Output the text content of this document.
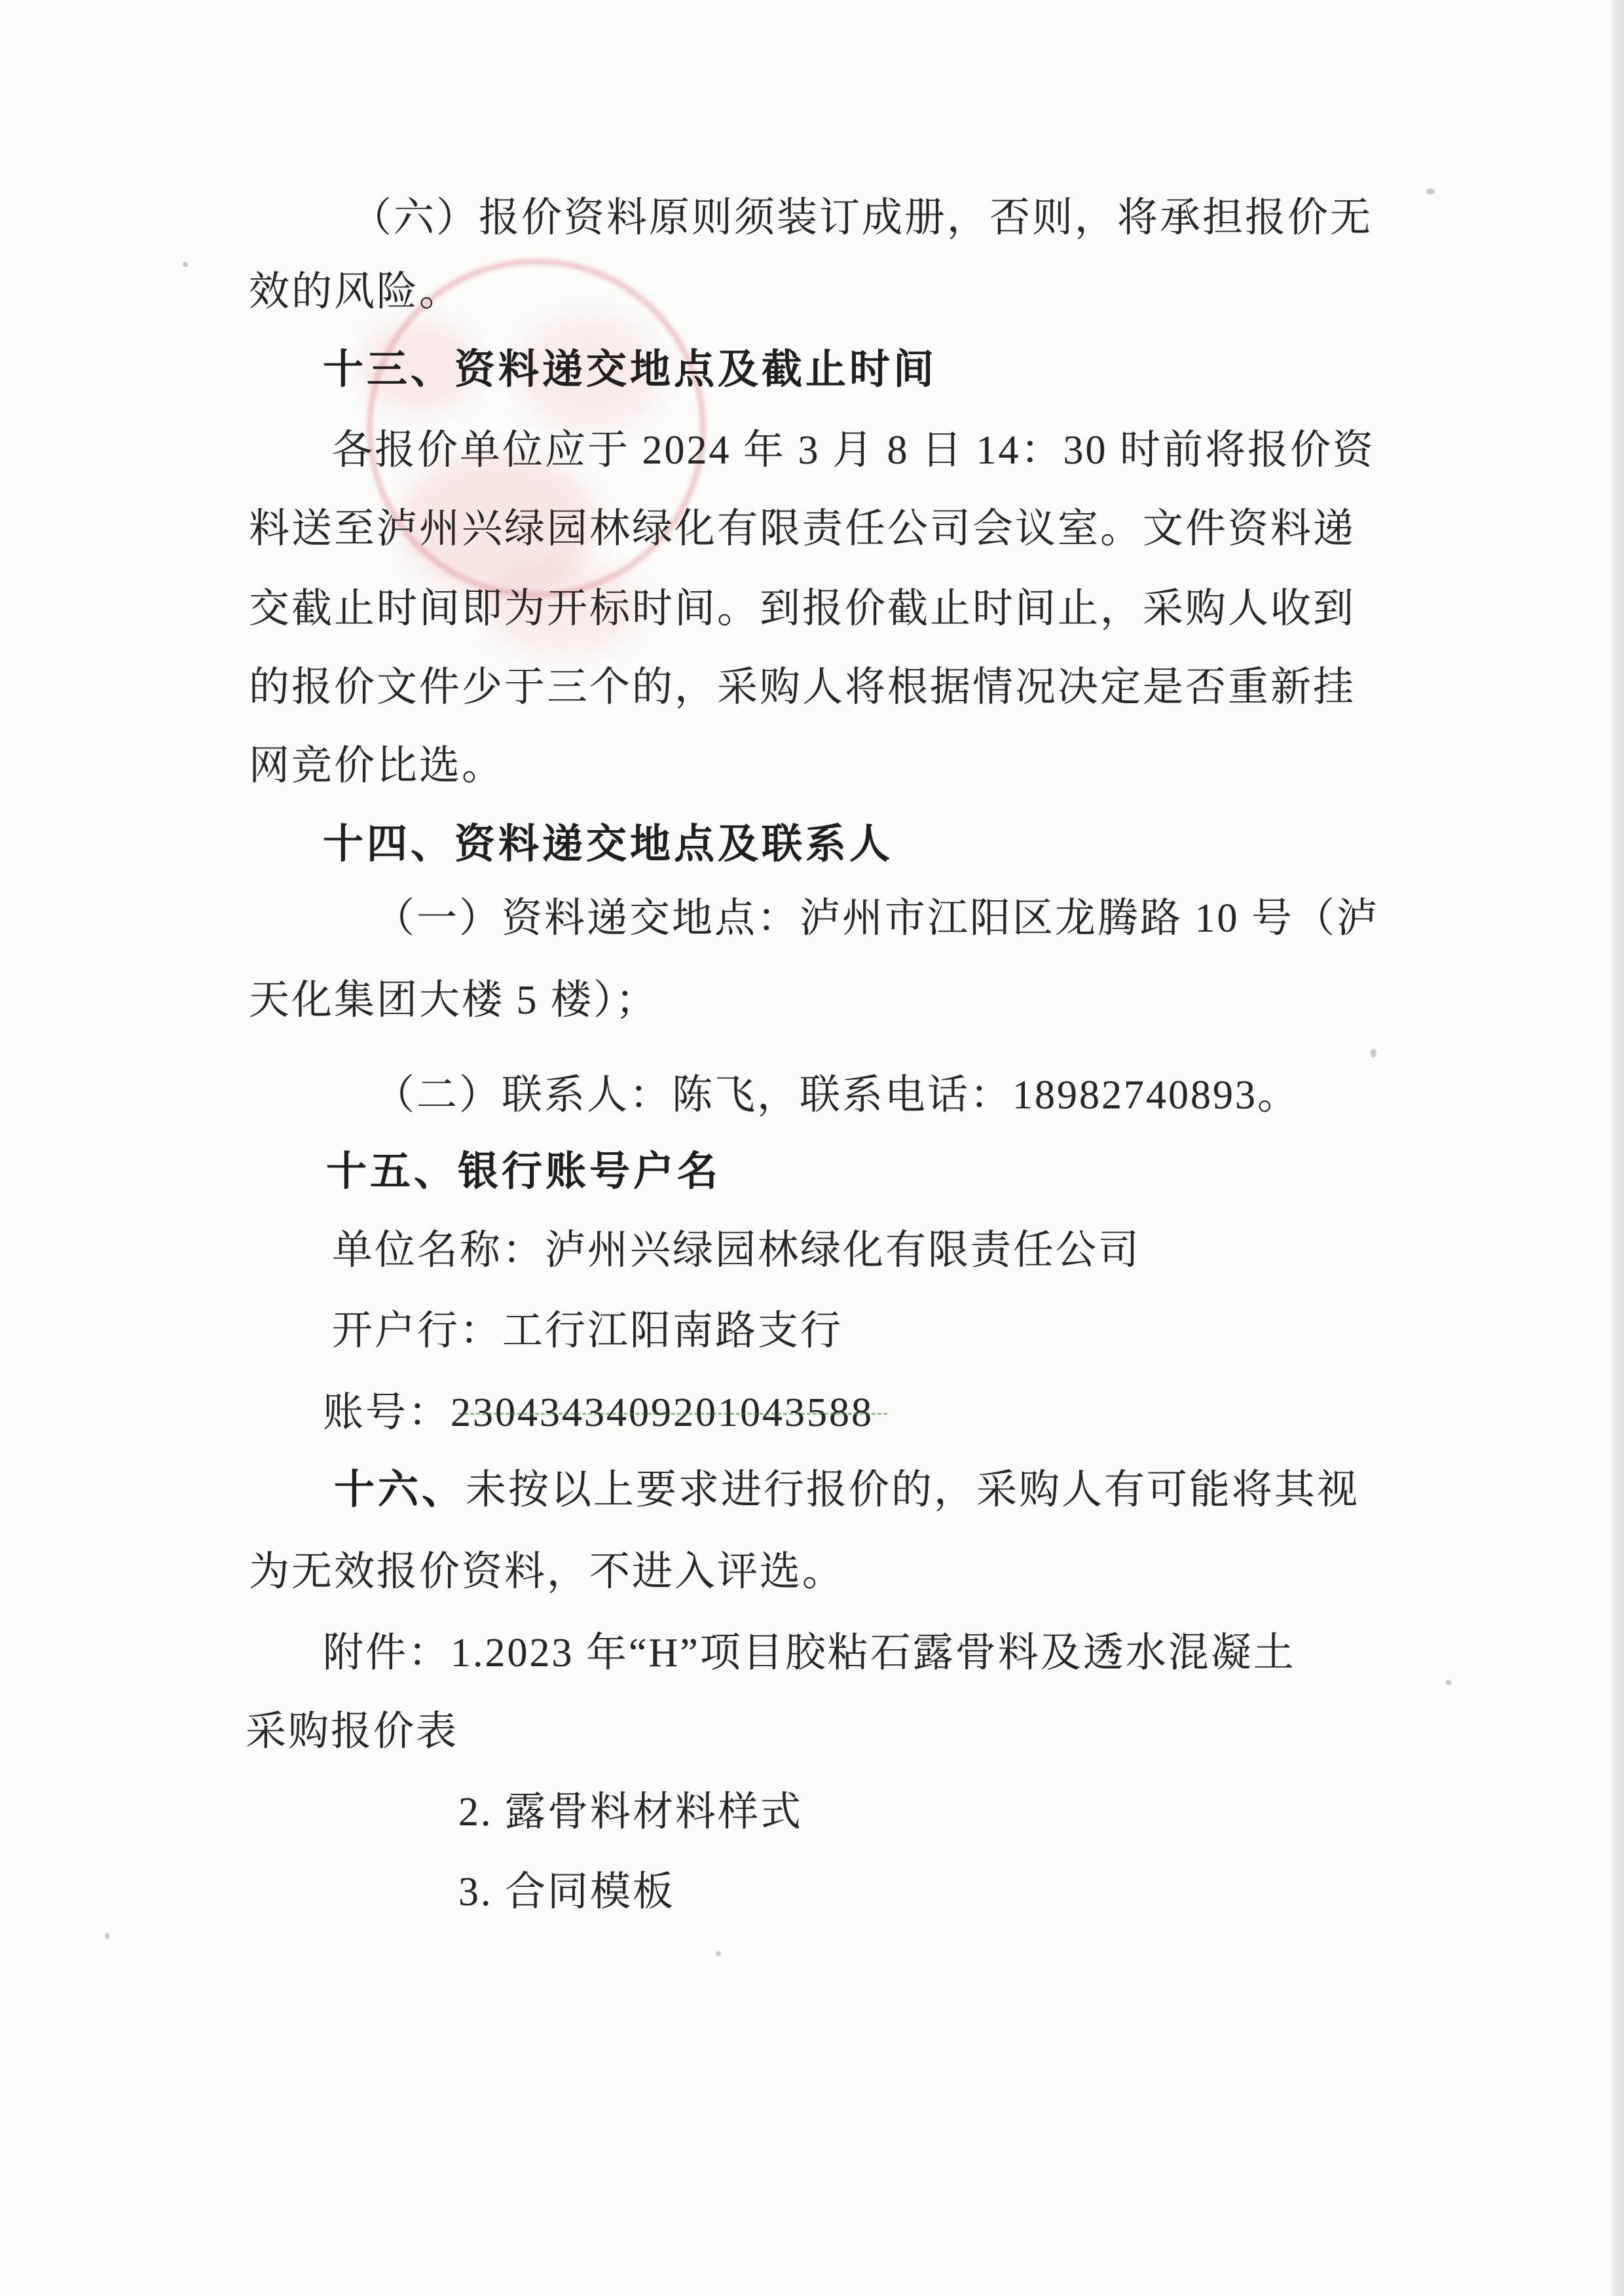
（六）报价资料原则须装订成册，否则，将承担报价无
效的风险。
十三、资料递交地点及截止时间
各报价单位应于 2024 年 3 月 8 日 14：30 时前将报价资
料送至泸州兴绿园林绿化有限责任公司会议室。文件资料递
交截止时间即为开标时间。到报价截止时间止，采购人收到
的报价文件少于三个的，采购人将根据情况决定是否重新挂
网竞价比选。
十四、资料递交地点及联系人
（一）资料递交地点：泸州市江阳区龙腾路 10 号（泸
天化集团大楼 5 楼）；
（二）联系人：陈飞，联系电话：18982740893。
十五、银行账号户名
单位名称：泸州兴绿园林绿化有限责任公司
开户行：工行江阳南路支行
账号：2304343409201043588
十六、未按以上要求进行报价的，采购人有可能将其视
为无效报价资料，不进入评选。
附件：1.2023 年“H”项目胶粘石露骨料及透水混凝土
采购报价表
2. 露骨料材料样式
3. 合同模板
